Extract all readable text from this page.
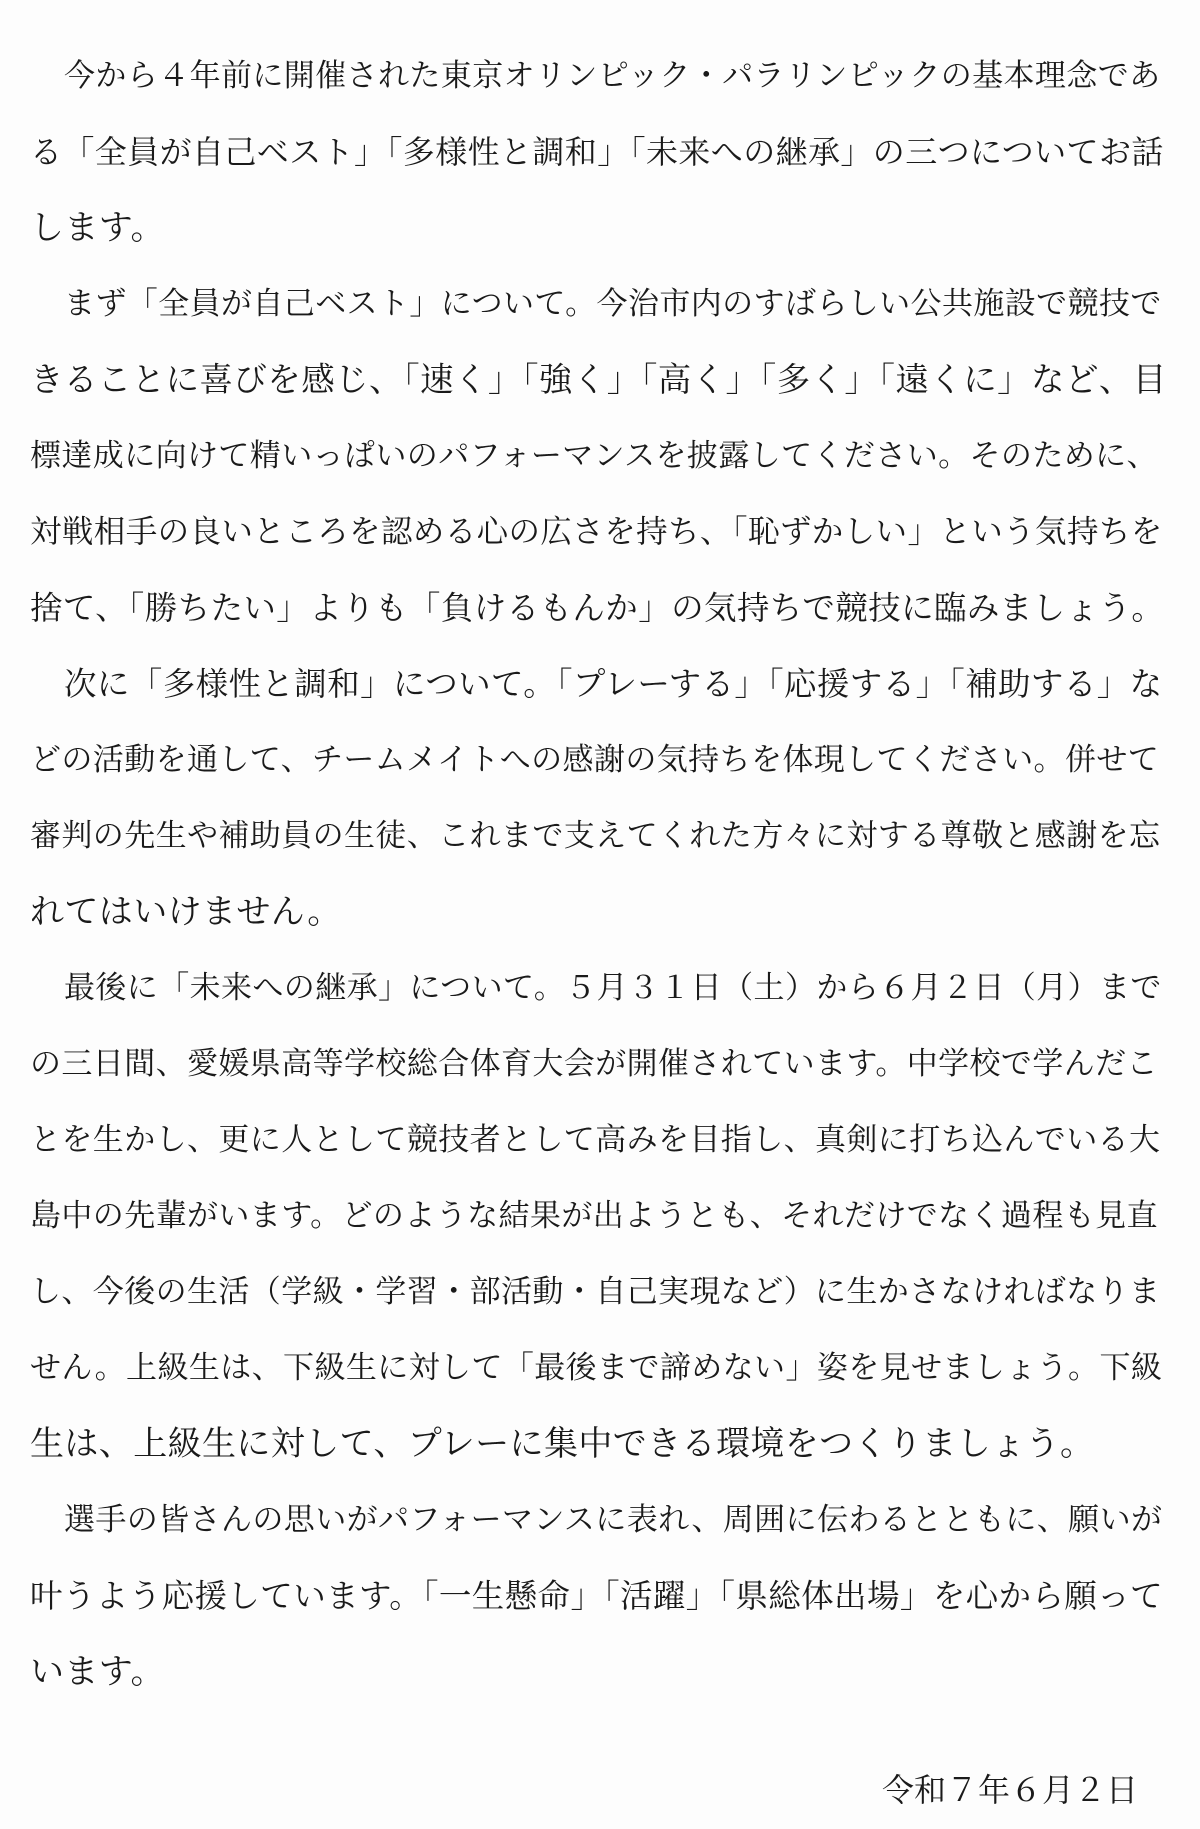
今から４年前に開催された東京オリンピック・パラリンピックの基本理念であ
る「全員が自己ベスト」「多様性と調和」「未来への継承」の三つについてお話
します。
まず「全員が自己ベスト」について。今治市内のすばらしい公共施設で競技で
きることに喜びを感じ、「速く」「強く」「高く」「多く」「遠くに」など、目
標達成に向けて精いっぱいのパフォーマンスを披露してください。そのために、
対戦相手の良いところを認める心の広さを持ち、「恥ずかしい」という気持ちを
捨て、「勝ちたい」よりも「負けるもんか」の気持ちで競技に臨みましょう。
次に「多様性と調和」について。「プレーする」「応援する」「補助する」な
どの活動を通して、チームメイトへの感謝の気持ちを体現してください。併せて
審判の先生や補助員の生徒、これまで支えてくれた方々に対する尊敬と感謝を忘
れてはいけません。
最後に「未来への継承」について。５月３１日（土）から６月２日（月）まで
の三日間、愛媛県高等学校総合体育大会が開催されています。中学校で学んだこ
とを生かし、更に人として競技者として高みを目指し、真剣に打ち込んでいる大
島中の先輩がいます。どのような結果が出ようとも、それだけでなく過程も見直
し、今後の生活（学級・学習・部活動・自己実現など）に生かさなければなりま
せん。上級生は、下級生に対して「最後まで諦めない」姿を見せましょう。下級
生は、上級生に対して、プレーに集中できる環境をつくりましょう。
選手の皆さんの思いがパフォーマンスに表れ、周囲に伝わるとともに、願いが
叶うよう応援しています。「一生懸命」「活躍」「県総体出場」を心から願って
います。
令和７年６月２日
